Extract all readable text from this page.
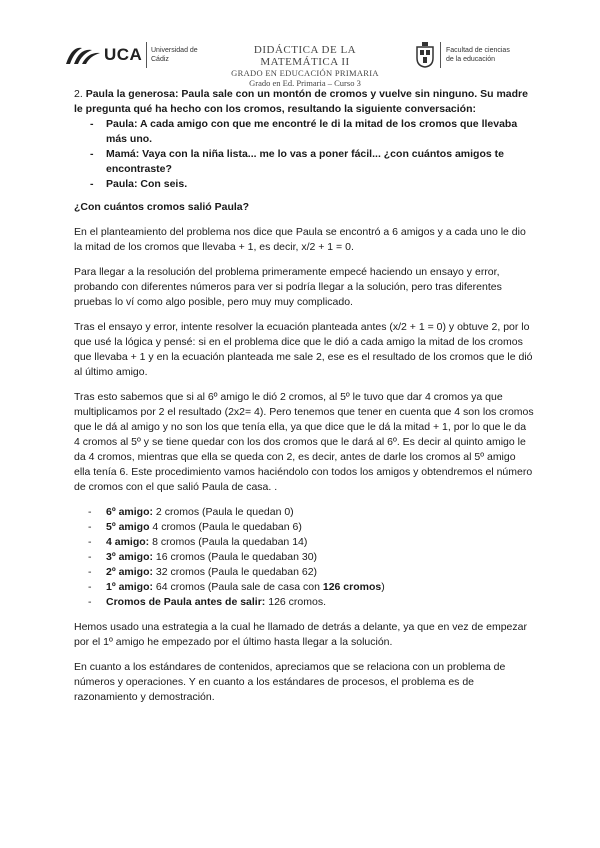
UCA Universidad de
Cádiz
DIDÁCTICA DE LA MATEMÁTICA II
GRADO EN EDUCACIÓN PRIMARIA
Grado en Ed. Primaria – Curso 3
Facultad de ciencias
de la educación

2. Paula la generosa: Paula sale con un montón de cromos y vuelve sin ninguno. Su madre le pregunta qué ha hecho con los cromos, resultando la siguiente conversación:

- Paula: A cada amigo con que me encontré le di la mitad de los cromos que llevaba más uno.
- Mamá: Vaya con la niña lista... me lo vas a poner fácil... ¿con cuántos amigos te encontraste?
- Paula: Con seis.

¿Con cuántos cromos salió Paula?

En el planteamiento del problema nos dice que Paula se encontró a 6 amigos y a cada uno le dio la mitad de los cromos que llevaba + 1, es decir, x/2 + 1 = 0.

Para llegar a la resolución del problema primeramente empecé haciendo un ensayo y error, probando con diferentes números para ver si podría llegar a la solución, pero tras diferentes pruebas lo ví como algo posible, pero muy muy complicado.

Tras el ensayo y error, intente resolver la ecuación planteada antes (x/2 + 1 = 0) y obtuve 2, por lo que usé la lógica y pensé: si en el problema dice que le dió a cada amigo la mitad de los cromos que llevaba + 1 y en la ecuación planteada me sale 2, ese es el resultado de los cromos que le dió al último amigo.

Tras esto sabemos que si al 6º amigo le dió 2 cromos, al 5º le tuvo que dar 4 cromos ya que multiplicamos por 2 el resultado (2x2= 4). Pero tenemos que tener en cuenta que 4 son los cromos que le dá al amigo y no son los que tenía ella, ya que dice que le dá la mitad + 1, por lo que le da 4 cromos al 5º y se tiene quedar con los dos cromos que le dará al 6º. Es decir al quinto amigo le da 4 cromos, mientras que ella se queda con 2, es decir, antes de darle los cromos al 5º amigo ella tenía 6. Este procedimiento vamos haciéndolo con todos los amigos y obtendremos el número de cromos con el que salió Paula de casa. .

- 6º amigo: 2 cromos (Paula le quedan 0)
- 5º amigo 4 cromos (Paula le quedaban 6)
- 4 amigo: 8 cromos (Paula la quedaban 14)
- 3º amigo: 16 cromos (Paula le quedaban 30)
- 2º amigo: 32 cromos (Paula le quedaban 62)
- 1º amigo: 64 cromos (Paula sale de casa con 126 cromos)
- Cromos de Paula antes de salir: 126 cromos.

Hemos usado una estrategia a la cual he llamado de detrás a delante, ya que en vez de empezar por el 1º amigo he empezado por el último hasta llegar a la solución.

En cuanto a los estándares de contenidos, apreciamos que se relaciona con un problema de números y operaciones. Y en cuanto a los estándares de procesos, el problema es de razonamiento y demostración.
